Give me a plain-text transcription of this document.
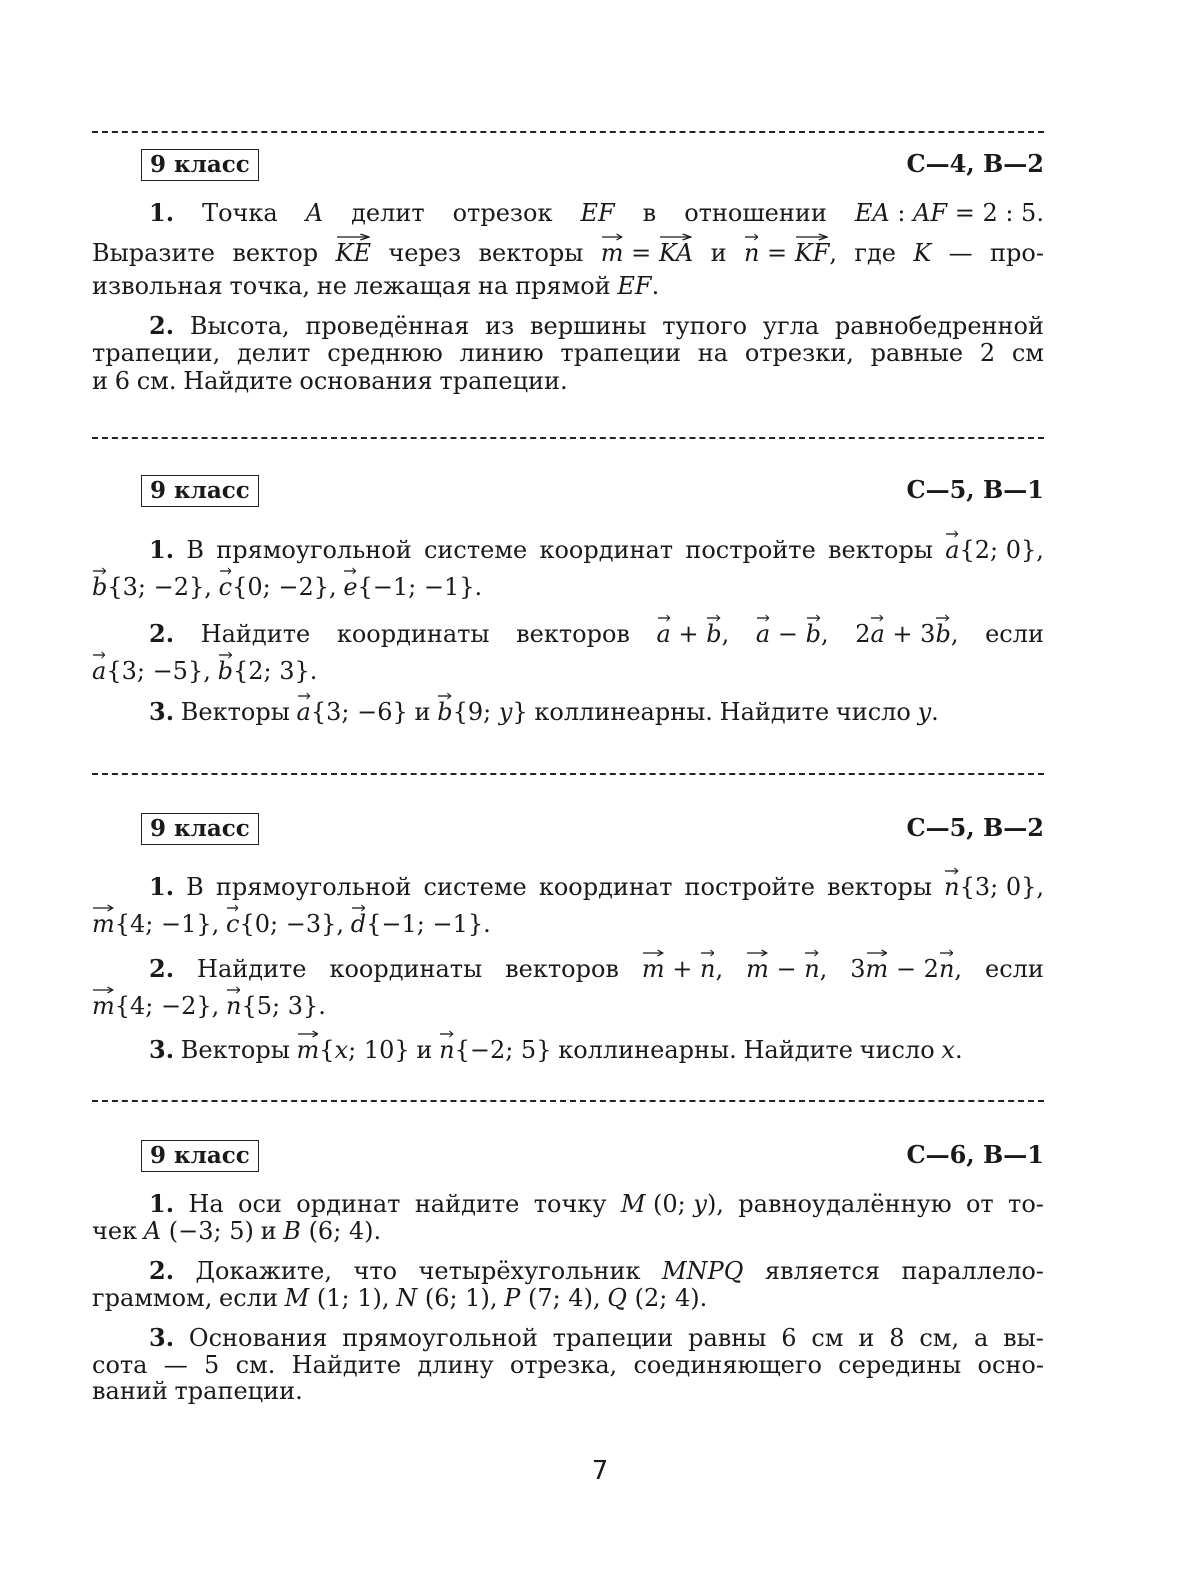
7
9 класс	С—4, В—2
1. Точка A делит отрезок EF в отношении EA : AF = 2 : 5.
Выразите вектор KE через векторы m
= KA и n
= KF
, где K — про-
извольная точка, не лежащая на прямой EF.
2. Высота, проведённая из вершины тупого угла равнобедренной
трапеции, делит среднюю линию трапеции на отрезки, равные 2 см
и 6 см. Найдите основания трапеции.
9 класс	С—5, В—1
1. В прямоугольной системе координат постройте векторы a
{2; 0},
b
{3; −2}, c
{0; −2}, e
{−1; −1}.
2. Найдите координаты векторов a
+ b
, a
− b
, 2a
+ 3b
, если
a
{3; −5}, b
{2; 3}.
3. Векторы a
{3; −6} и b
{9; y} коллинеарны. Найдите число y.
9 класс	С—5, В—2
1. В прямоугольной системе координат постройте векторы n
{3; 0},
m
{4; −1}, c
{0; −3}, d
{−1; −1}.
2. Найдите координаты векторов m
+ n
, m
− n
, 3m
− 2n
, если
m
{4; −2}, n
{5; 3}.
3. Векторы m
{x; 10} и n
{−2; 5} коллинеарны. Найдите число x.
9 класс	С—6, В—1
1. На оси ординат найдите точку M (0; y), равноудалённую от то-
чек A (−3; 5) и B (6; 4).
2. Докажите, что четырёхугольник MNPQ является параллело-
граммом, если M (1; 1), N (6; 1), P (7; 4), Q (2; 4).
3. Основания прямоугольной трапеции равны 6 см и 8 см, а вы-
сота — 5 см. Найдите длину отрезка, соединяющего середины осно-
ваний трапеции.
